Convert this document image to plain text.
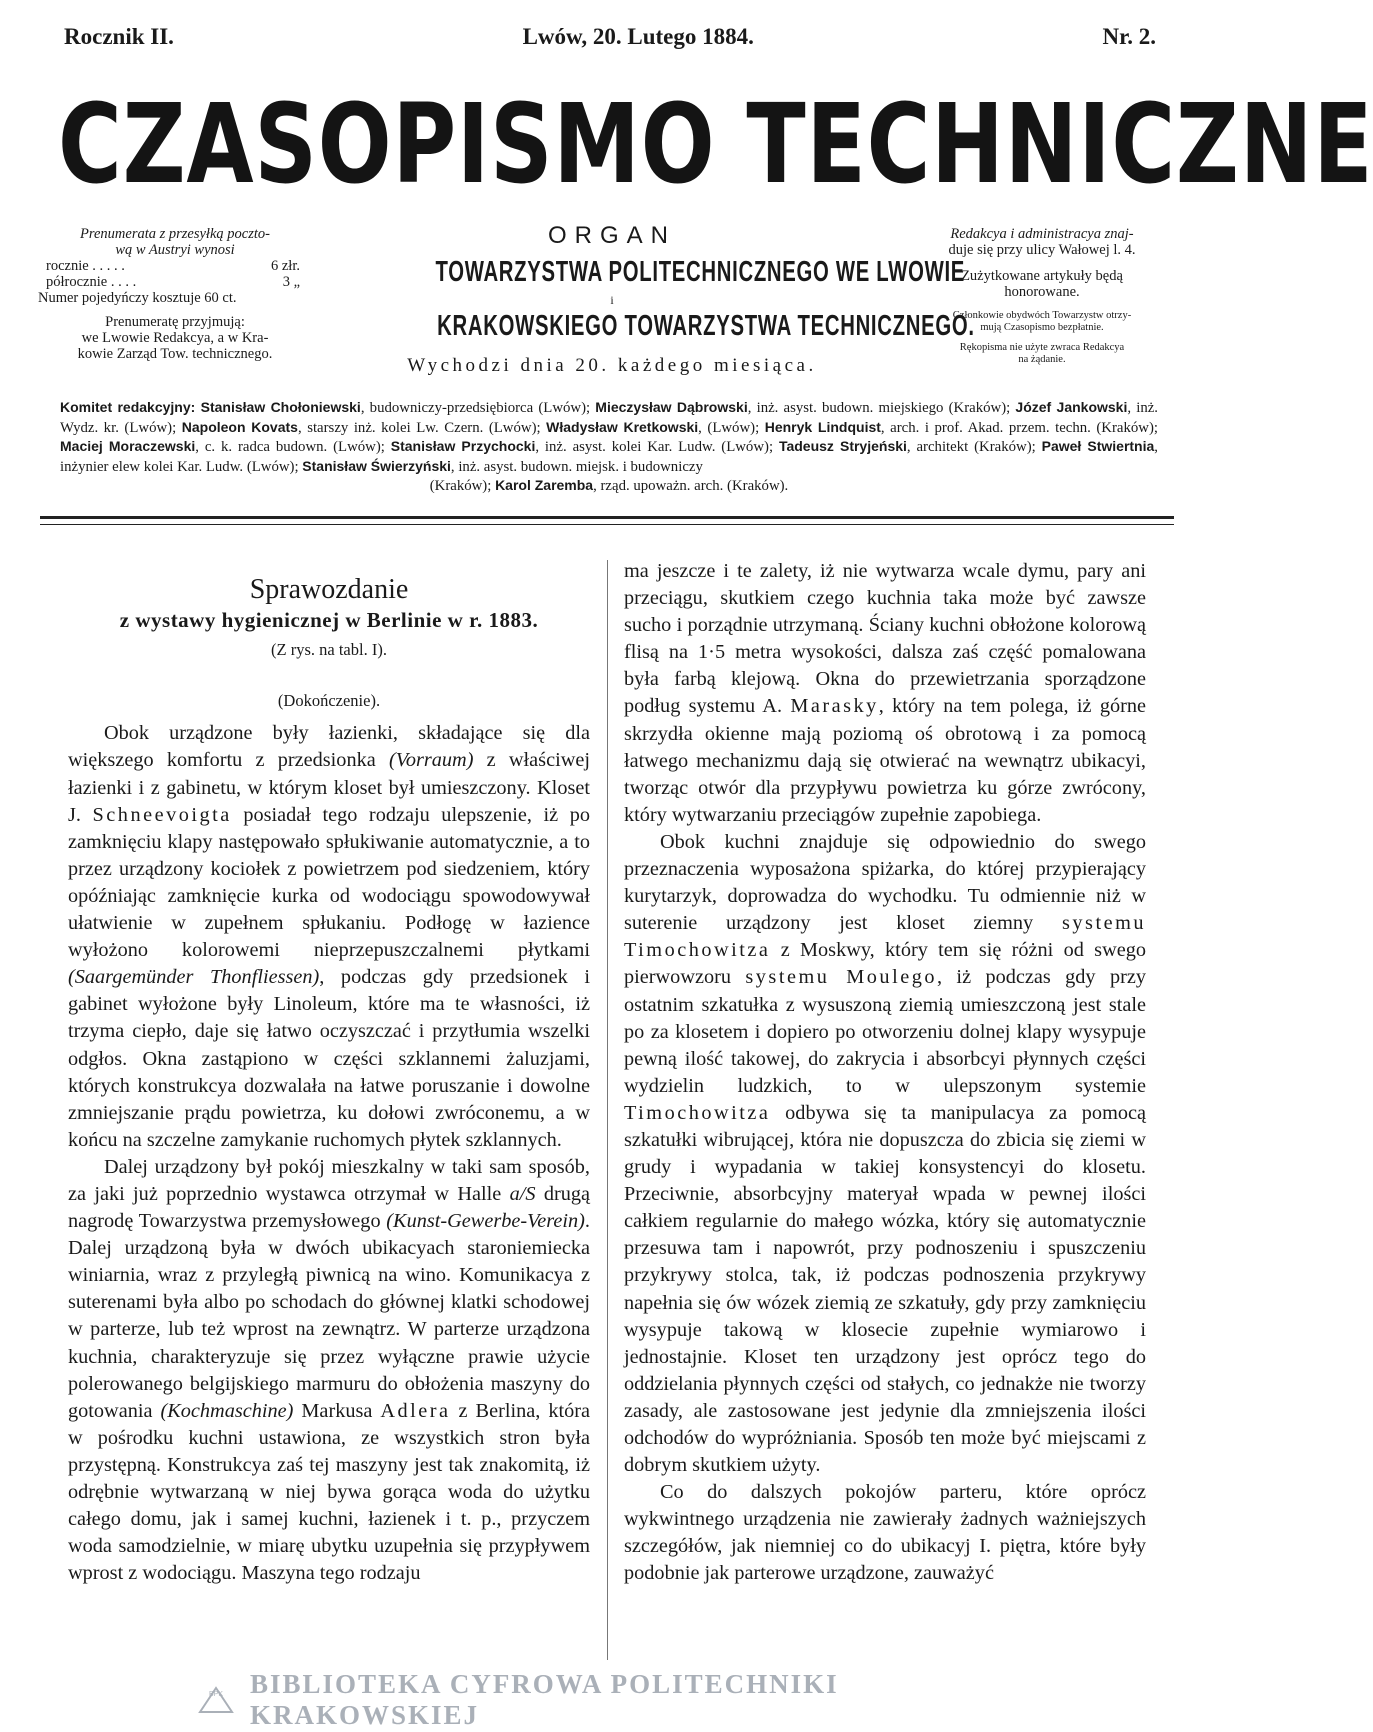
Rocznik II.	Lwów, 20. Lutego 1884.	Nr. 2.
CZASOPISMO TECHNICZNE
Prenumerata z przesyłką poczto-
wą w Austryi wynosi
rocznie . . . . .	6 złr.
półrocznie . . . .	3 „
Numer pojedyńczy kosztuje 60 ct.
Prenumeratę przyjmują:
we Lwowie Redakcya, a w Kra-
kowie Zarząd Tow. technicznego.
ORGAN
TOWARZYSTWA POLITECHNICZNEGO WE LWOWIE
i
KRAKOWSKIEGO TOWARZYSTWA TECHNICZNEGO.
Wychodzi dnia 20. każdego miesiąca.
Redakcya i administracya znaj-
duje się przy ulicy Wałowej l. 4.
Zużytkowane artykuły będą
honorowane.
Członkowie obydwóch Towarzystw otrzy-
mują Czasopismo bezpłatnie.
Rękopisma nie użyte zwraca Redakcya
na żądanie.
Komitet redakcyjny: Stanisław Chołoniewski, budowniczy-przedsiębiorca (Lwów); Mieczysław Dąbrowski, inż. asyst. budown. miejskiego (Kraków); Józef Jankowski, inż. Wydz. kr. (Lwów); Napoleon Kovats, starszy inż. kolei Lw. Czern. (Lwów); Władysław Kretkowski, (Lwów); Henryk Lindquist, arch. i prof. Akad. przem. techn. (Kraków); Maciej Moraczewski, c. k. radca budown. (Lwów); Stanisław Przychocki, inż. asyst. kolei Kar. Ludw. (Lwów); Tadeusz Stryjeński, architekt (Kraków); Paweł Stwiertnia, inżynier elew kolei Kar. Ludw. (Lwów); Stanisław Świerzyński, inż. asyst. budown. miejsk. i budowniczy
(Kraków); Karol Zaremba, rząd. upoważn. arch. (Kraków).
Sprawozdanie
z wystawy hygienicznej w Berlinie w r. 1883.
(Z rys. na tabl. I).
(Dokończenie).

Obok urządzone były łazienki, składające się dla większego komfortu z przedsionka (Vorraum) z właściwej łazienki i z gabinetu, w którym kloset był umieszczony. Kloset J. Schneevoigta posiadał tego rodzaju ulepszenie, iż po zamknięciu klapy następowało spłukiwanie automatycznie, a to przez urządzony kociołek z powietrzem pod siedzeniem, który opóźniając zamknięcie kurka od wodociągu spowodowywał ułatwienie w zupełnem spłukaniu. Podłogę w łazience wyłożono kolorowemi nieprzepuszczalnemi płytkami (Saargemünder Thonfliessen), podczas gdy przedsionek i gabinet wyłożone były Linoleum, które ma te własności, iż trzyma ciepło, daje się łatwo oczyszczać i przytłumia wszelki odgłos. Okna zastąpiono w części szklannemi żaluzjami, których konstrukcya dozwalała na łatwe poruszanie i dowolne zmniejszanie prądu powietrza, ku dołowi zwróconemu, a w końcu na szczelne zamykanie ruchomych płytek szklannych.

Dalej urządzony był pokój mieszkalny w taki sam sposób, za jaki już poprzednio wystawca otrzymał w Halle a/S drugą nagrodę Towarzystwa przemysłowego (Kunst-Gewerbe-Verein). Dalej urządzoną była w dwóch ubikacyach staroniemiecka winiarnia, wraz z przyległą piwnicą na wino. Komunikacya z suterenami była albo po schodach do głównej klatki schodowej w parterze, lub też wprost na zewnątrz. W parterze urządzona kuchnia, charakteryzuje się przez wyłączne prawie użycie polerowanego belgijskiego marmuru do obłożenia maszyny do gotowania (Kochmaschine) Markusa Adlera z Berlina, która w pośrodku kuchni ustawiona, ze wszystkich stron była przystępną. Konstrukcya zaś tej maszyny jest tak znakomitą, iż odrębnie wytwarzaną w niej bywa gorąca woda do użytku całego domu, jak i samej kuchni, łazienek i t. p., przyczem woda samodzielnie, w miarę ubytku uzupełnia się przypływem wprost z wodociągu. Maszyna tego rodzaju

ma jeszcze i te zalety, iż nie wytwarza wcale dymu, pary ani przeciągu, skutkiem czego kuchnia taka może być zawsze sucho i porządnie utrzymaną. Ściany kuchni obłożone kolorową flisą na 1·5 metra wysokości, dalsza zaś część pomalowana była farbą klejową. Okna do przewietrzania sporządzone podług systemu A. Marasky, który na tem polega, iż górne skrzydła okienne mają poziomą oś obrotową i za pomocą łatwego mechanizmu dają się otwierać na wewnątrz ubikacyi, tworząc otwór dla przypływu powietrza ku górze zwrócony, który wytwarzaniu przeciągów zupełnie zapobiega.

Obok kuchni znajduje się odpowiednio do swego przeznaczenia wyposażona spiżarka, do której przypierający kurytarzyk, doprowadza do wychodku. Tu odmiennie niż w suterenie urządzony jest kloset ziemny systemu Timochowitza z Moskwy, który tem się różni od swego pierwowzoru systemu Moulego, iż podczas gdy przy ostatnim szkatułka z wysuszoną ziemią umieszczoną jest stale po za klosetem i dopiero po otworzeniu dolnej klapy wysypuje pewną ilość takowej, do zakrycia i absorbcyi płynnych części wydzielin ludzkich, to w ulepszonym systemie Timochowitza odbywa się ta manipulacya za pomocą szkatułki wibrującej, która nie dopuszcza do zbicia się ziemi w grudy i wypadania w takiej konsystencyi do klosetu. Przeciwnie, absorbcyjny materyał wpada w pewnej ilości całkiem regularnie do małego wózka, który się automatycznie przesuwa tam i napowrót, przy podnoszeniu i spuszczeniu przykrywy stolca, tak, iż podczas podnoszenia przykrywy napełnia się ów wózek ziemią ze szkatuły, gdy przy zamknięciu wysypuje takową w klosecie zupełnie wymiarowo i jednostajnie. Kloset ten urządzony jest oprócz tego do oddzielania płynnych części od stałych, co jednakże nie tworzy zasady, ale zastosowane jest jedynie dla zmniejszenia ilości odchodów do wypróżniania. Sposób ten może być miejscami z dobrym skutkiem użyty.

Co do dalszych pokojów parteru, które oprócz wykwintnego urządzenia nie zawierały żadnych ważniejszych szczegółów, jak niemniej co do ubikacyj I. piętra, które były podobnie jak parterowe urządzone, zauważyć

BPK BIBLIOTEKA CYFROWA POLITECHNIKI KRAKOWSKIEJ
